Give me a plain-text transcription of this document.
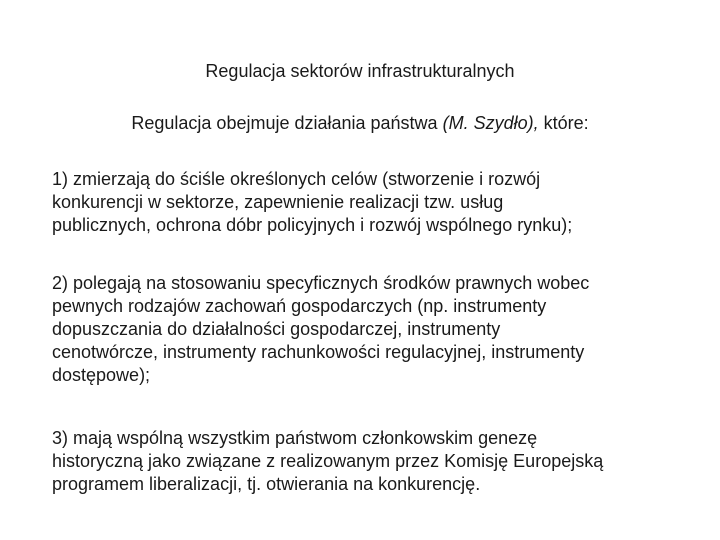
Regulacja sektorów infrastrukturalnych
Regulacja obejmuje działania państwa (M. Szydło), które:
1) zmierzają do ściśle określonych celów (stworzenie i rozwój
konkurencji w sektorze, zapewnienie realizacji tzw. usług
publicznych, ochrona dóbr policyjnych i rozwój wspólnego rynku);
2) polegają na stosowaniu specyficznych środków prawnych wobec
pewnych rodzajów zachowań gospodarczych (np. instrumenty
dopuszczania do działalności gospodarczej, instrumenty
cenotwórcze, instrumenty rachunkowości regulacyjnej, instrumenty
dostępowe);
3) mają wspólną wszystkim państwom członkowskim genezę
historyczną jako związane z realizowanym przez Komisję Europejską
programem liberalizacji, tj. otwierania na konkurencję.
